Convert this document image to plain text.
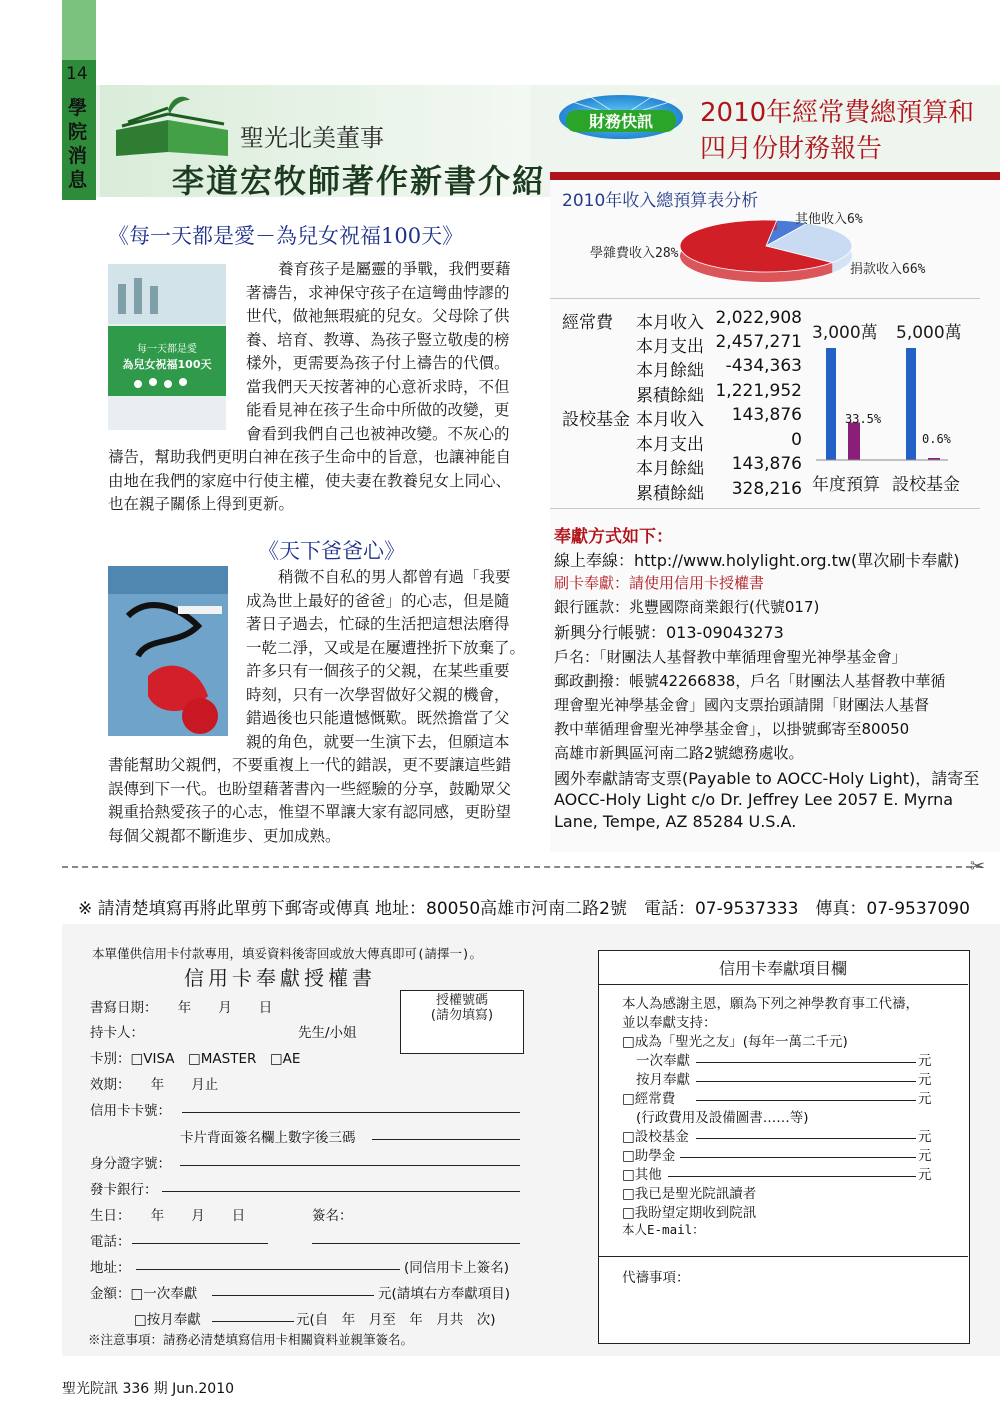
14
學院消息
聖光北美董事
李道宏牧師著作新書介紹
財務快訊 2010年經常費總預算和
四月份財務報告
2010年收入總預算表分析
其他收入6%
學雜費收入28%
捐款收入66%
3,000萬 5,000萬
33.5%
0.6%
年度預算 設校基金
奉獻方式如下：
《每一天都是愛－為兒女祝福100天》
每一天都是愛
為兒女祝福100天
《天下爸爸心》
✂
※ 請清楚填寫再將此單剪下郵寄或傳真 地址：80050高雄市河南二路2號　電話：07-9537333　傳真：07-9537090
本單僅供信用卡付款專用，填妥資料後寄回或放大傳真即可(請擇一)。
信用卡奉獻授權書
授權號碼
(請勿填寫)
書寫日期：　　年　　月　　日
持卡人：	先生/小姐
卡別：□VISA　□MASTER　□AE
效期：　　年　　月止
信用卡卡號：
卡片背面簽名欄上數字後三碼
身分證字號：
發卡銀行：
生日：　　年　　月　　日	簽名：
電話：
地址：	(同信用卡上簽名)
金額：□一次奉獻	元(請填右方奉獻項目)
□按月奉獻	元(自　年　月至　年　月共　次)
※注意事項：請務必清楚填寫信用卡相關資料並親筆簽名。
信用卡奉獻項目欄
本人為感謝主恩，願為下列之神學教育事工代禱，
並以奉獻支持：
□成為「聖光之友」(每年一萬二千元)
一次奉獻	元
按月奉獻	元
□經常費	元
(行政費用及設備圖書……等)
□設校基金	元
□助學金	元
□其他	元
□我已是聖光院訊讀者
□我盼望定期收到院訊
本人E-mail：
代禱事項：
聖光院訊 336 期 Jun.2010
經常費 本月收入 2,022,908
本月支出 2,457,271
本月餘絀	-434,363
累積餘絀 1,221,952
設校基金 本月收入	143,876
本月支出	0
本月餘絀	143,876
累積餘絀	328,216
線上奉線：http://www.holylight.org.tw(單次刷卡奉獻)
刷卡奉獻：請使用信用卡授權書
銀行匯款：兆豐國際商業銀行(代號017)
新興分行帳號：013-09043273
戶名：「財團法人基督教中華循理會聖光神學基金會」
郵政劃撥：帳號42266838，戶名「財團法人基督教中華循
理會聖光神學基金會」國內支票抬頭請開「財團法人基督
教中華循理會聖光神學基金會」，以掛號郵寄至80050
高雄市新興區河南二路2號總務處收。
國外奉獻請寄支票(Payable to AOCC-Holy Light)，請寄至
AOCC-Holy Light c/o Dr. Jeffrey Lee 2057 E. Myrna
Lane, Tempe, AZ 85284 U.S.A.
養育孩子是屬靈的爭戰，我們要藉
著禱告，求神保守孩子在這彎曲悖謬的
世代，做祂無瑕疵的兒女。父母除了供
養、培育、教導、為孩子豎立敬虔的榜
樣外，更需要為孩子付上禱告的代價。
當我們天天按著神的心意祈求時，不但
能看見神在孩子生命中所做的改變，更
會看到我們自己也被神改變。不灰心的
禱告，幫助我們更明白神在孩子生命中的旨意，也讓神能自
由地在我們的家庭中行使主權，使夫妻在教養兒女上同心、
也在親子關係上得到更新。
稍微不自私的男人都曾有過「我要
成為世上最好的爸爸」的心志，但是隨
著日子過去，忙碌的生活把這想法磨得
一乾二淨，又或是在屢遭挫折下放棄了。
許多只有一個孩子的父親，在某些重要
時刻，只有一次學習做好父親的機會，
錯過後也只能遺憾慨歎。既然擔當了父
親的角色，就要一生演下去，但願這本
書能幫助父親們，不要重複上一代的錯誤，更不要讓這些錯
誤傳到下一代。也盼望藉著書內一些經驗的分享，鼓勵眾父
親重拾熱愛孩子的心志，惟望不單讓大家有認同感，更盼望
每個父親都不斷進步、更加成熟。
